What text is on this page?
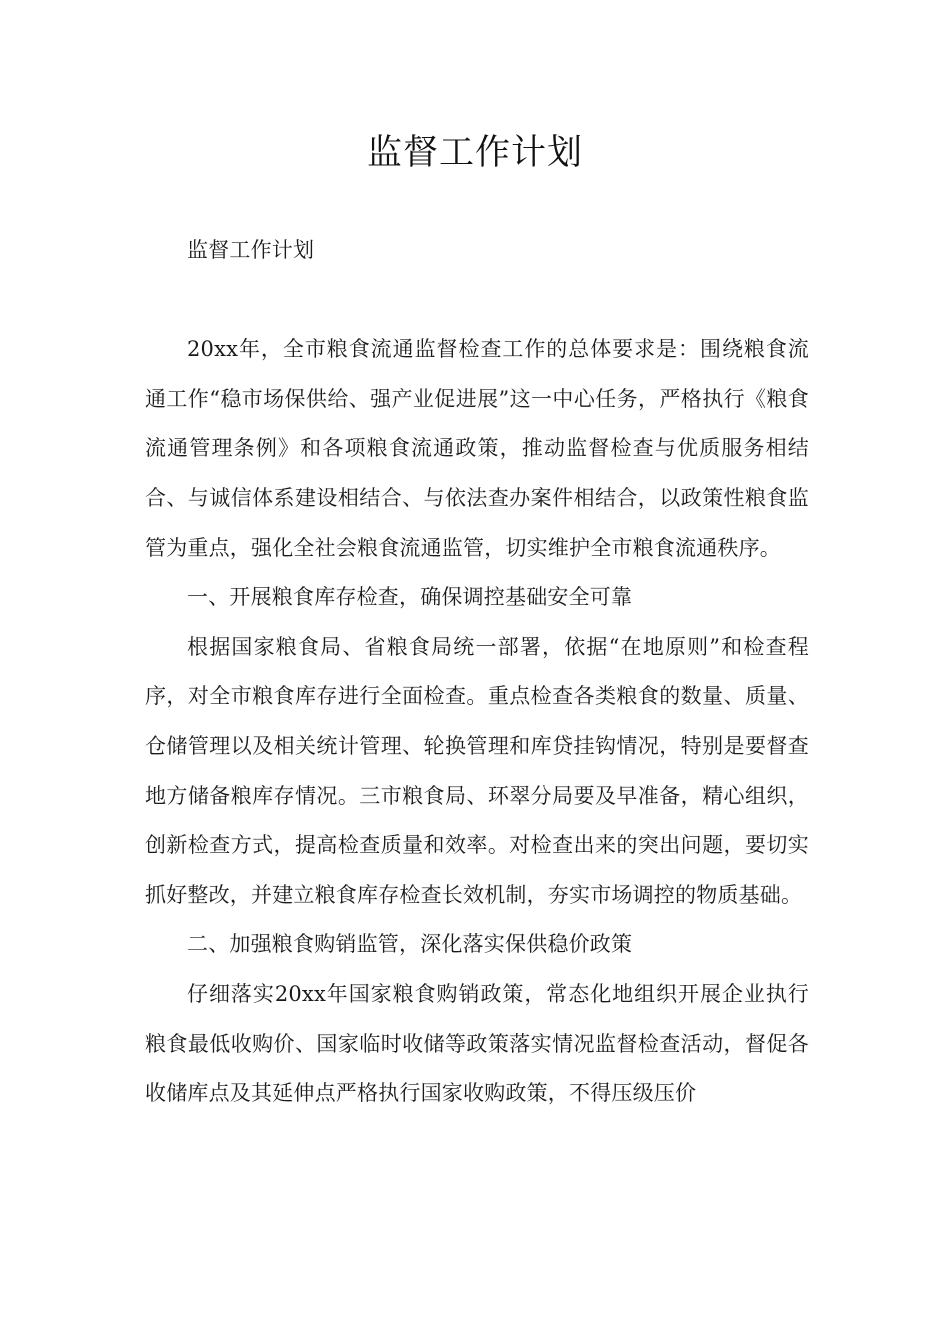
监督工作计划

监督工作计划

20xx年，全市粮食流通监督检查工作的总体要求是：围绕粮食流通工作“稳市场保供给、强产业促进展”这一中心任务，严格执行《粮食流通管理条例》和各项粮食流通政策，推动监督检查与优质服务相结合、与诚信体系建设相结合、与依法查办案件相结合，以政策性粮食监管为重点，强化全社会粮食流通监管，切实维护全市粮食流通秩序。

一、开展粮食库存检查，确保调控基础安全可靠

根据国家粮食局、省粮食局统一部署，依据“在地原则”和检查程序，对全市粮食库存进行全面检查。重点检查各类粮食的数量、质量、仓储管理以及相关统计管理、轮换管理和库贷挂钩情况，特别是要督查地方储备粮库存情况。三市粮食局、环翠分局要及早准备，精心组织，创新检查方式，提高检查质量和效率。对检查出来的突出问题，要切实抓好整改，并建立粮食库存检查长效机制，夯实市场调控的物质基础。

二、加强粮食购销监管，深化落实保供稳价政策

仔细落实20xx年国家粮食购销政策，常态化地组织开展企业执行粮食最低收购价、国家临时收储等政策落实情况监督检查活动，督促各收储库点及其延伸点严格执行国家收购政策，不得压级压价
